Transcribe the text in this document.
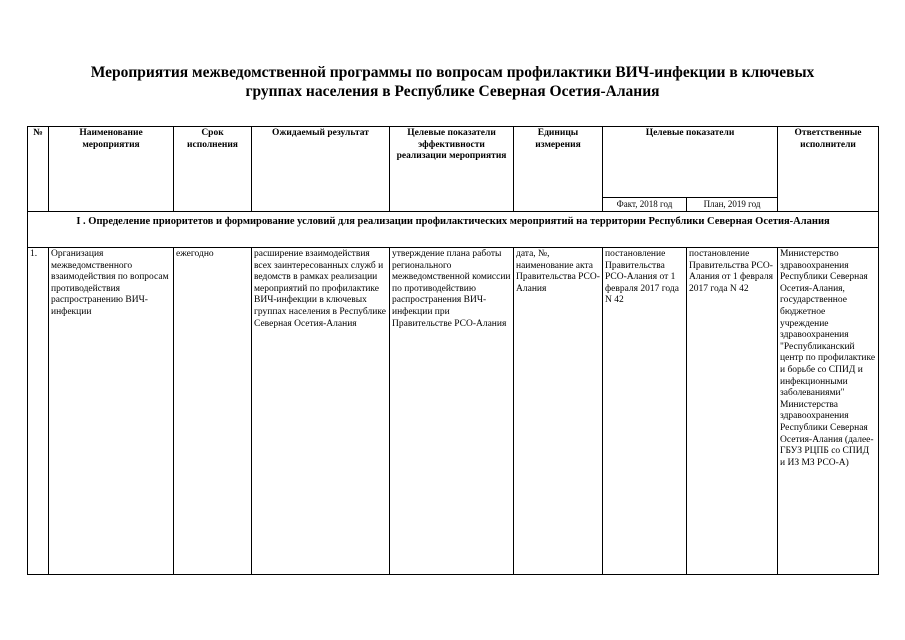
Мероприятия межведомственной программы по вопросам профилактики ВИЧ-инфекции в ключевых
группах населения в Республике Северная Осетия-Алания
№	Наименование мероприятия	Срок исполнения	Ожидаемый результат	Целевые показатели эффективности реализации мероприятия	Единицы измерения	Целевые показатели		Ответственные исполнители
						Факт, 2018 год	План, 2019 год	
I . Определение приоритетов и формирование условий для реализации профилактических мероприятий на территории Республики Северная Осетия-Алания								
1.	Организация межведомственного взаимодействия по вопросам противодействия распространению ВИЧ-инфекции	ежегодно	расширение взаимодействия всех заинтересованных служб и ведомств в рамках реализации мероприятий по профилактике ВИЧ-инфекции в ключевых группах населения в Республике Северная Осетия-Алания	утверждение плана работы регионального межведомственной комиссии по противодействию распространения ВИЧ-инфекции при Правительстве РСО-Алания	дата, №, наименование акта Правительства РСО-Алания	постановление Правительства РСО-Алания от 1 февраля 2017 года N 42	постановление Правительства РСО-Алания от 1 февраля 2017 года N 42	Министерство здравоохранения Республики Северная Осетия-Алания, государственное бюджетное учреждение здравоохранения "Республиканский центр по профилактике и борьбе со СПИД и инфекционными заболеваниями" Министерства здравоохранения Республики Северная Осетия-Алания (далее-ГБУЗ РЦПБ со СПИД и ИЗ МЗ РСО-А)
